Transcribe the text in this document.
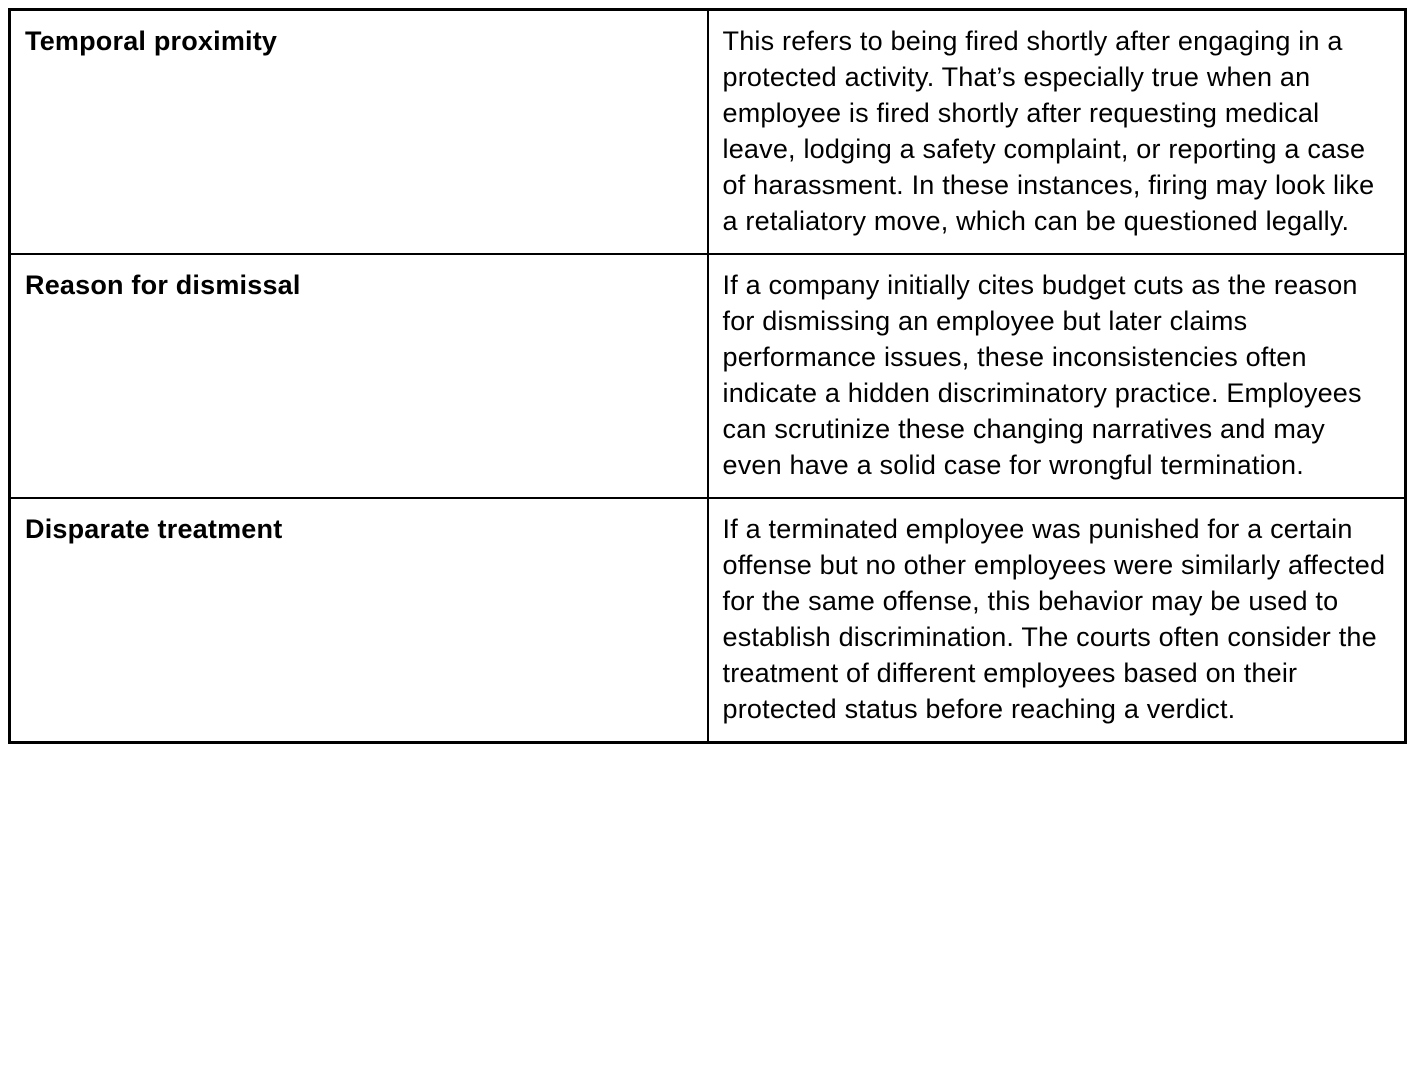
Temporal proximity	This refers to being fired shortly after engaging in a protected activity. That’s especially true when an employee is fired shortly after requesting medical leave, lodging a safety complaint, or reporting a case of harassment. In these instances, firing may look like a retaliatory move, which can be questioned legally.
Reason for dismissal	If a company initially cites budget cuts as the reason for dismissing an employee but later claims performance issues, these inconsistencies often indicate a hidden discriminatory practice. Employees can scrutinize these changing narratives and may even have a solid case for wrongful termination.
Disparate treatment	If a terminated employee was punished for a certain offense but no other employees were similarly affected for the same offense, this behavior may be used to establish discrimination. The courts often consider the treatment of different employees based on their protected status before reaching a verdict.
